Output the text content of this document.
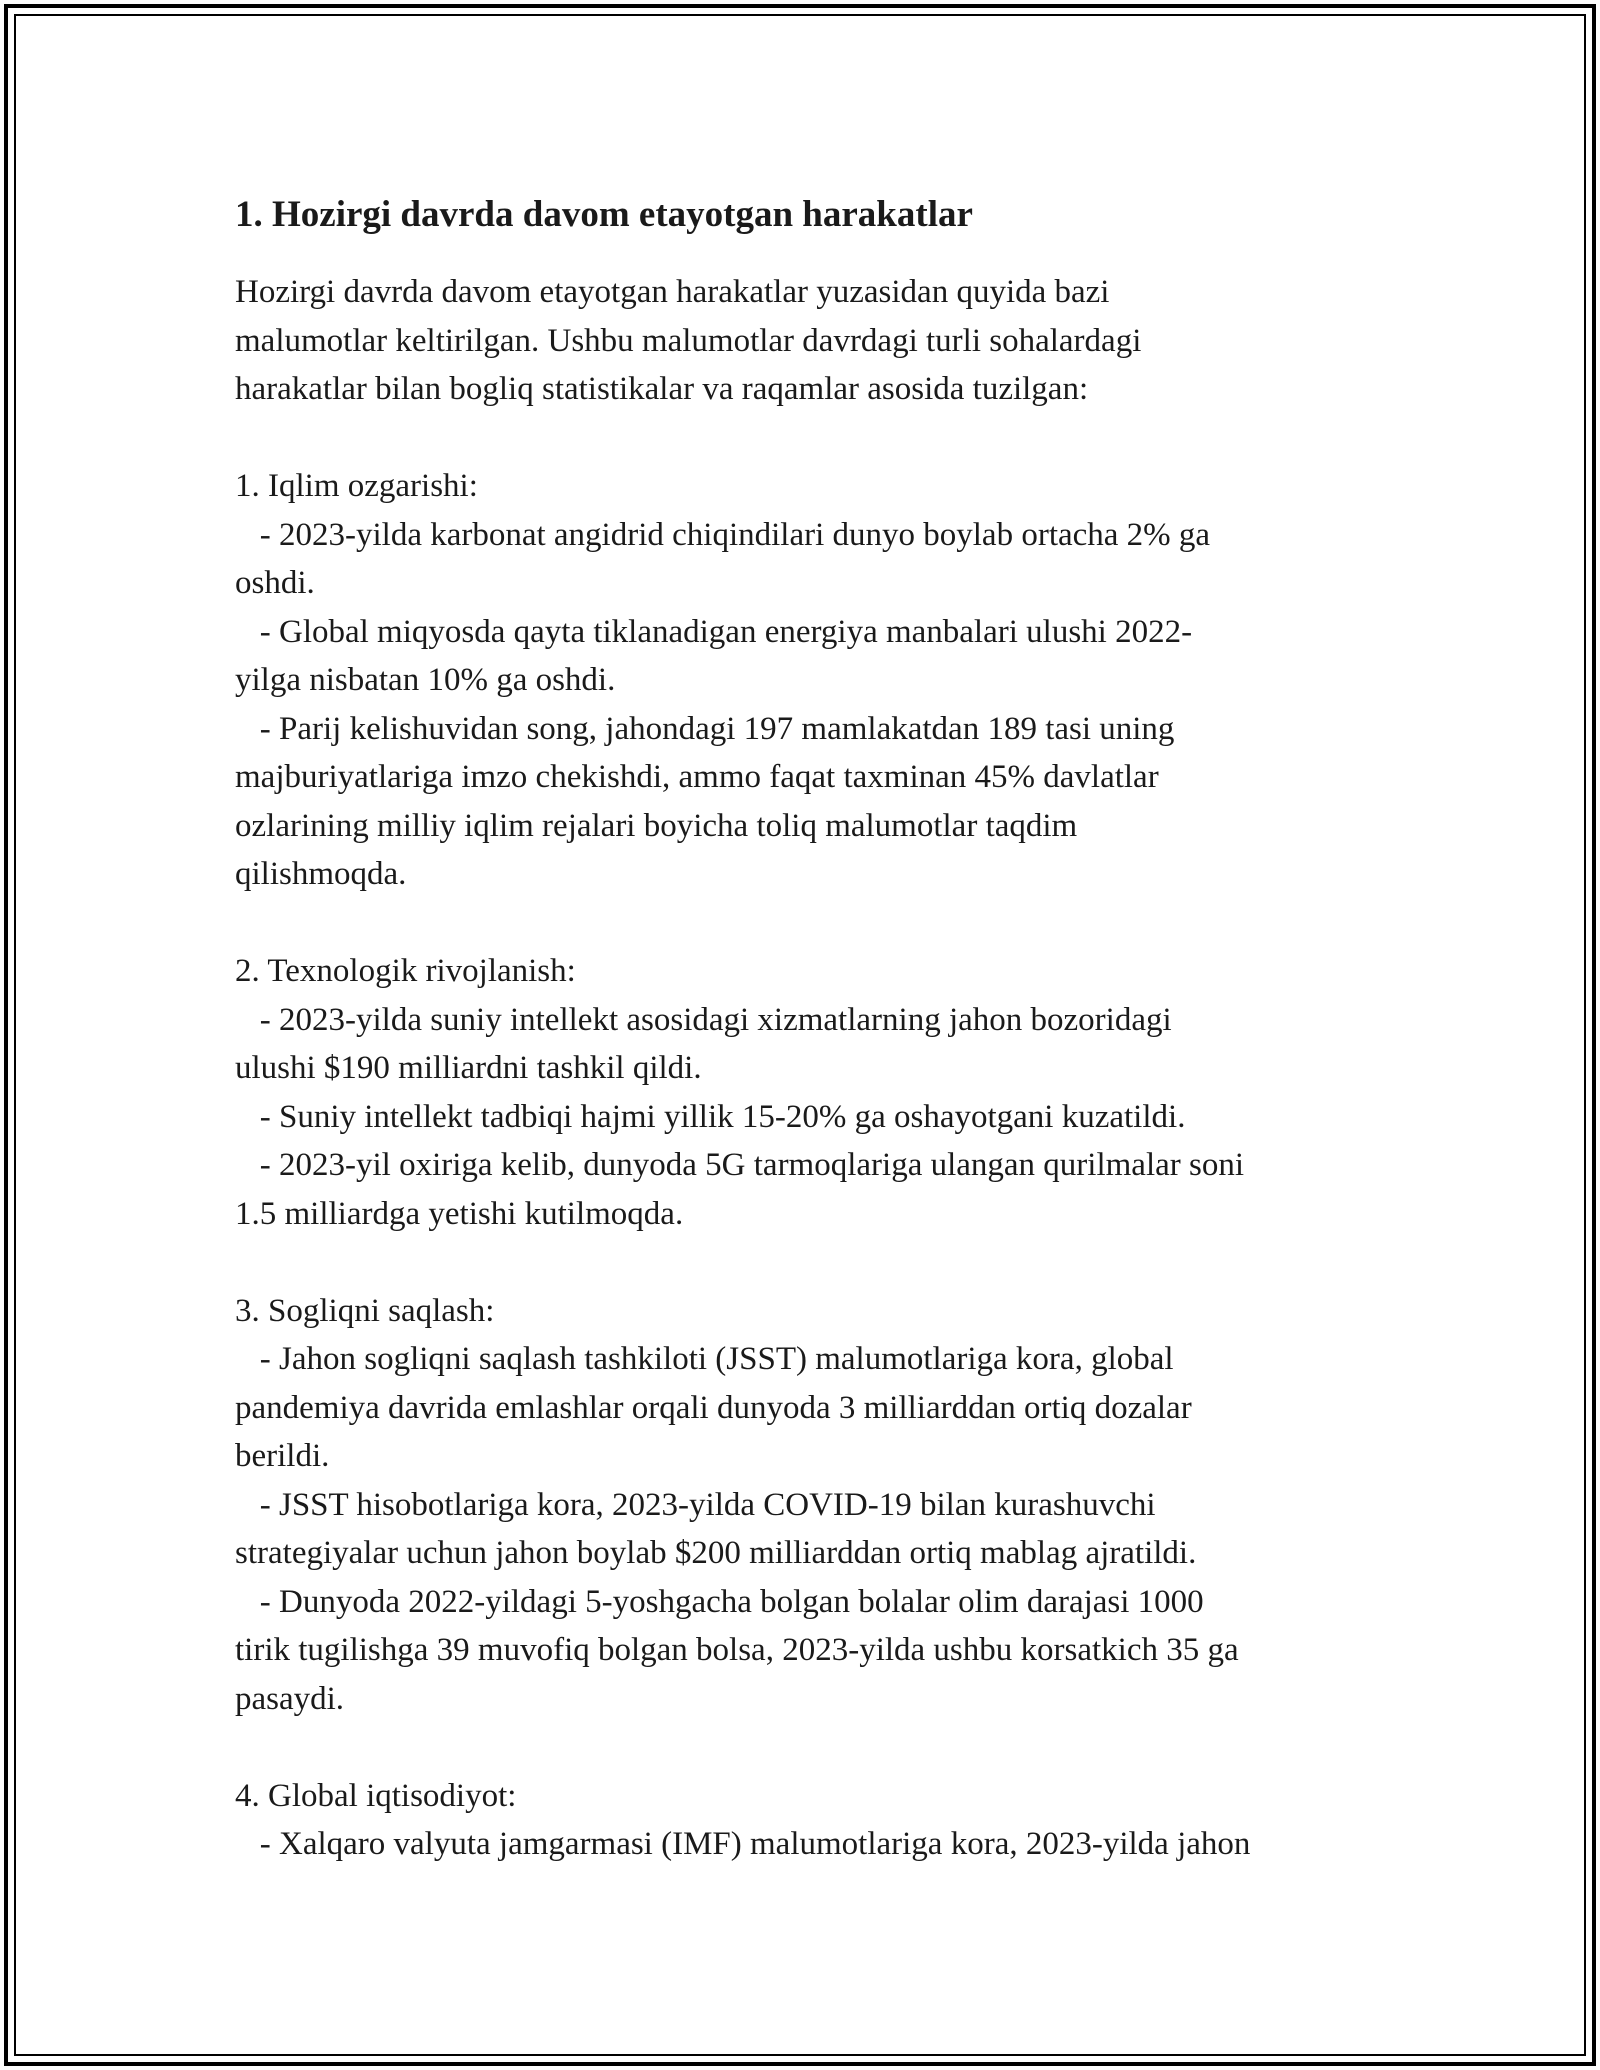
1. Hozirgi davrda davom etayotgan harakatlar
Hozirgi davrda davom etayotgan harakatlar yuzasidan quyida bazi
malumotlar keltirilgan. Ushbu malumotlar davrdagi turli sohalardagi
harakatlar bilan bogliq statistikalar va raqamlar asosida tuzilgan:
1. Iqlim ozgarishi:
- 2023-yilda karbonat angidrid chiqindilari dunyo boylab ortacha 2% ga
oshdi.
- Global miqyosda qayta tiklanadigan energiya manbalari ulushi 2022-
yilga nisbatan 10% ga oshdi.
- Parij kelishuvidan song, jahondagi 197 mamlakatdan 189 tasi uning
majburiyatlariga imzo chekishdi, ammo faqat taxminan 45% davlatlar
ozlarining milliy iqlim rejalari boyicha toliq malumotlar taqdim
qilishmoqda.
2. Texnologik rivojlanish:
- 2023-yilda suniy intellekt asosidagi xizmatlarning jahon bozoridagi
ulushi $190 milliardni tashkil qildi.
- Suniy intellekt tadbiqi hajmi yillik 15-20% ga oshayotgani kuzatildi.
- 2023-yil oxiriga kelib, dunyoda 5G tarmoqlariga ulangan qurilmalar soni
1.5 milliardga yetishi kutilmoqda.
3. Sogliqni saqlash:
- Jahon sogliqni saqlash tashkiloti (JSST) malumotlariga kora, global
pandemiya davrida emlashlar orqali dunyoda 3 milliarddan ortiq dozalar
berildi.
- JSST hisobotlariga kora, 2023-yilda COVID-19 bilan kurashuvchi
strategiyalar uchun jahon boylab $200 milliarddan ortiq mablag ajratildi.
- Dunyoda 2022-yildagi 5-yoshgacha bolgan bolalar olim darajasi 1000
tirik tugilishga 39 muvofiq bolgan bolsa, 2023-yilda ushbu korsatkich 35 ga
pasaydi.
4. Global iqtisodiyot:
- Xalqaro valyuta jamgarmasi (IMF) malumotlariga kora, 2023-yilda jahon
